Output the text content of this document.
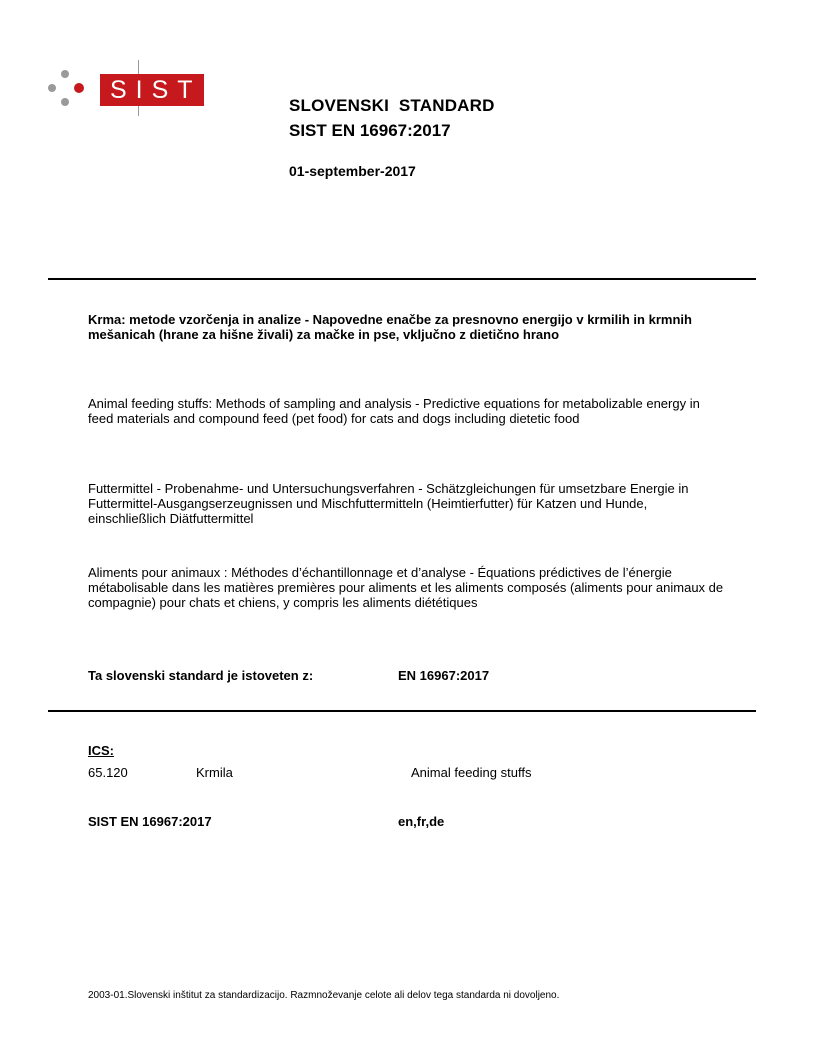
SIST
SLOVENSKI  STANDARD
SIST EN 16967:2017
01-september-2017
Krma: metode vzorčenja in analize - Napovedne enačbe za presnovno energijo v krmilih in krmnih mešanicah (hrane za hišne živali) za mačke in pse, vključno z dietično hrano
Animal feeding stuffs: Methods of sampling and analysis - Predictive equations for metabolizable energy in feed materials and compound feed (pet food) for cats and dogs including dietetic food
Futtermittel - Probenahme- und Untersuchungsverfahren - Schätzgleichungen für umsetzbare Energie in Futtermittel-Ausgangserzeugnissen und Mischfuttermitteln (Heimtierfutter) für Katzen und Hunde, einschließlich Diätfuttermittel
Aliments pour animaux : Méthodes d’échantillonnage et d’analyse - Équations prédictives de l’énergie métabolisable dans les matières premières pour aliments et les aliments composés (aliments pour animaux de compagnie) pour chats et chiens, y compris les aliments diététiques
Ta slovenski standard je istoveten z:	EN 16967:2017
ICS:
65.120	Krmila	Animal feeding stuffs
SIST EN 16967:2017	en,fr,de
2003-01.Slovenski inštitut za standardizacijo. Razmnoževanje celote ali delov tega standarda ni dovoljeno.
